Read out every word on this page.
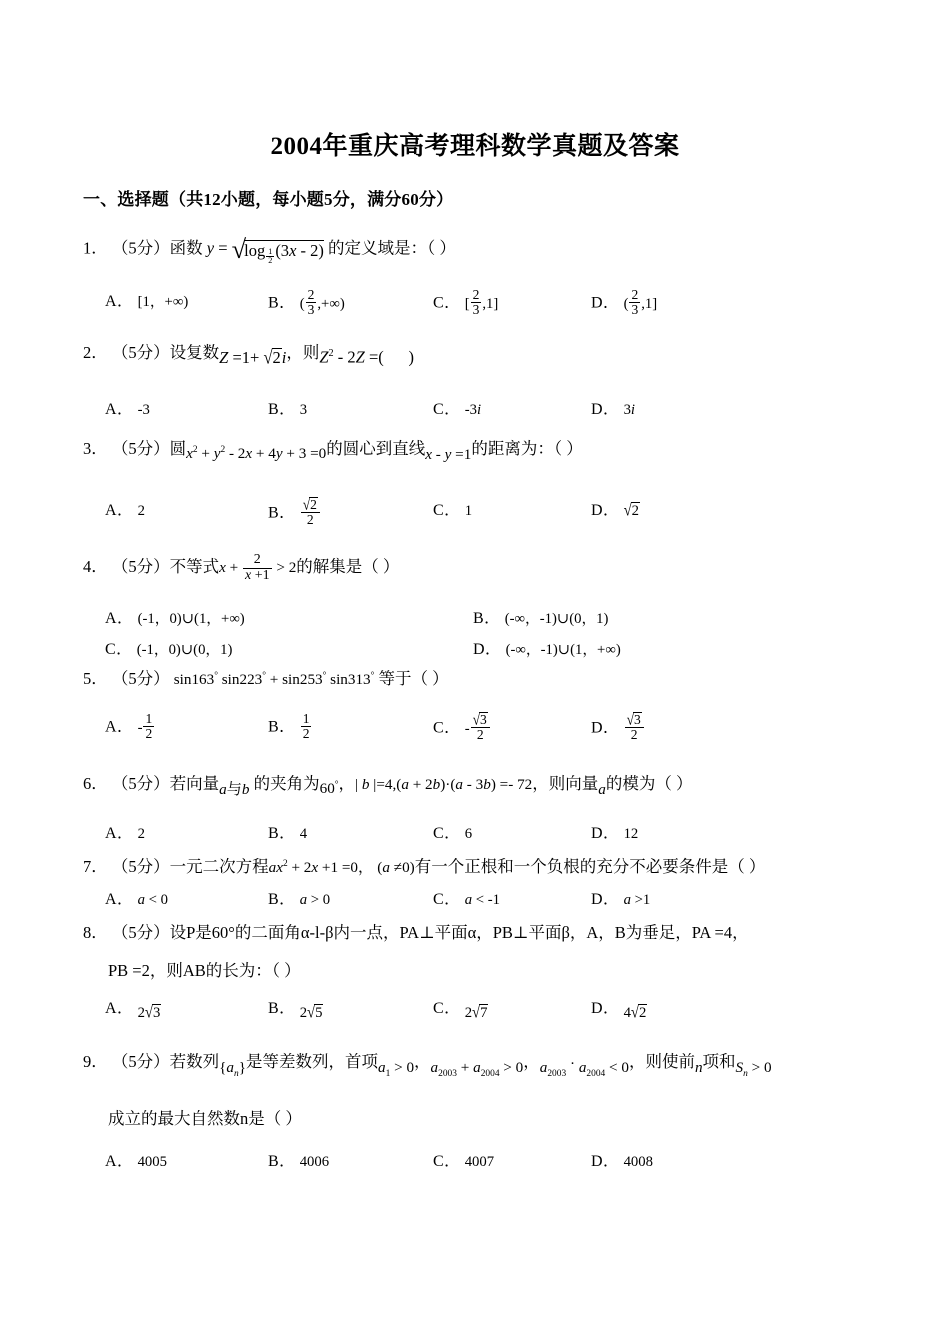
2004年重庆高考理科数学真题及答案
一、选择题（共12小题，每小题5分，满分60分）
1． （5分）函数 y = √log $_{\frac{1}{2}}$ (3x - 2) 的定义域是：（ ）
A． [1，+∞)	B． ( $\frac{2}{3}$ ,+∞)	C． [ $\frac{2}{3} ,1$]	D． ( $\frac{2}{3} ,1$]
2． （5分）设复数Z =1+ √2i，则$Z^2 - 2Z$ =(      )
A． -3	B． 3	C． -3i	D． 3i
3． （5分）圆$x^2 + y^2 - 2x + 4y + 3 =0$的圆心到直线x - y =1的距离为：（ ）
A． 2	B． $\frac{√2}{2}$	C． 1	D． √2
4． （5分）不等式$x + \frac{2}{x +1} > 2$的解集是（ ）
A． (-1，0)∪(1，+∞)	B． (-∞，-1)∪(0，1)
C． (-1，0)∪(0，1)	D． (-∞，-1)∪(1，+∞)
5． （5分） sin163° sin223° + sin253° sin313° 等于（ ）
A． - $\frac{1}{2}$	B． $\frac{1}{2}$	C． - $\frac{√3}{2}$	D． $\frac{√3}{2}$
6． （5分）若向量a与b 的夹角为60°，| b |=4,(a + 2b)·(a - 3b) =- 72，则向量a的模为（ ）
A． 2	B． 4	C． 6	D． 12
7． （5分）一元二次方程$ax^2 + 2x +1 =0$， (a ≠0)有一个正根和一个负根的充分不必要条件是（ ）
A． a < 0	B． a > 0	C． a < -1	D． a >1
8． （5分）设P是60°的二面角α-l-β内一点，PA⊥平面α，PB⊥平面β，A，B为垂足，PA =4，
PB =2，则AB的长为：（ ）
A． 2√3	B． 2√5	C． 2√7	D． 4√2
9． （5分）若数列$\{a_n\}$是等差数列，首项$a_1 > 0$，$a_{2003} + a_{2004} > 0$，$a_{2003} \cdot a_{2004} < 0$，则使前n项和$S_n > 0$
成立的最大自然数n是（ ）
A． 4005	B． 4006	C． 4007	D． 4008
